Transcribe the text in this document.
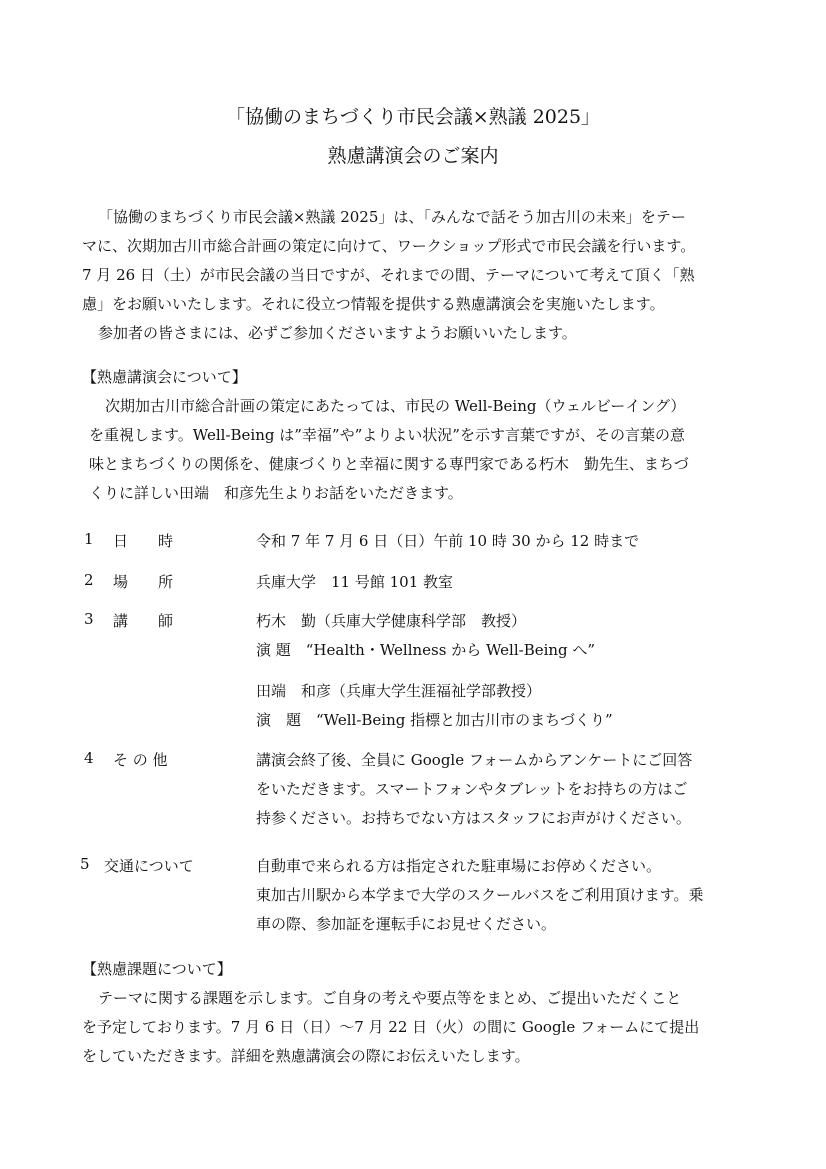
「協働のまちづくり市民会議×熟議 2025」
熟慮講演会のご案内
「協働のまちづくり市民会議×熟議 2025」は、「みんなで話そう加古川の未来」をテー
マに、次期加古川市総合計画の策定に向けて、ワークショップ形式で市民会議を行います。
7 月 26 日（土）が市民会議の当日ですが、それまでの間、テーマについて考えて頂く「熟
慮」をお願いいたします。それに役立つ情報を提供する熟慮講演会を実施いたします。
参加者の皆さまには、必ずご参加くださいますようお願いいたします。
【熟慮講演会について】
次期加古川市総合計画の策定にあたっては、市民の Well-Being（ウェルビーイング）
を重視します。Well-Being は”幸福”や”よりよい状況”を示す言葉ですが、その言葉の意
味とまちづくりの関係を、健康づくりと幸福に関する専門家である朽木　勤先生、まちづ
くりに詳しい田端　和彦先生よりお話をいただきます。
1 日　　時	令和 7 年 7 月 6 日（日）午前 10 時 30 から 12 時まで
2 場　　所	兵庫大学　11 号館 101 教室
3 講　　師	朽木　勤（兵庫大学健康科学部　教授）
演 題　“Health・Wellness から Well-Being へ”
田端　和彦（兵庫大学生涯福祉学部教授）
演　題　“Well-Being 指標と加古川市のまちづくり”
4 そ の 他	講演会終了後、全員に Google フォームからアンケートにご回答
をいただきます。スマートフォンやタブレットをお持ちの方はご
持参ください。お持ちでない方はスタッフにお声がけください。
5 交通について	自動車で来られる方は指定された駐車場にお停めください。
東加古川駅から本学まで大学のスクールバスをご利用頂けます。乗
車の際、参加証を運転手にお見せください。
【熟慮課題について】
テーマに関する課題を示します。ご自身の考えや要点等をまとめ、ご提出いただくこと
を予定しております。7 月 6 日（日）～7 月 22 日（火）の間に Google フォームにて提出
をしていただきます。詳細を熟慮講演会の際にお伝えいたします。
